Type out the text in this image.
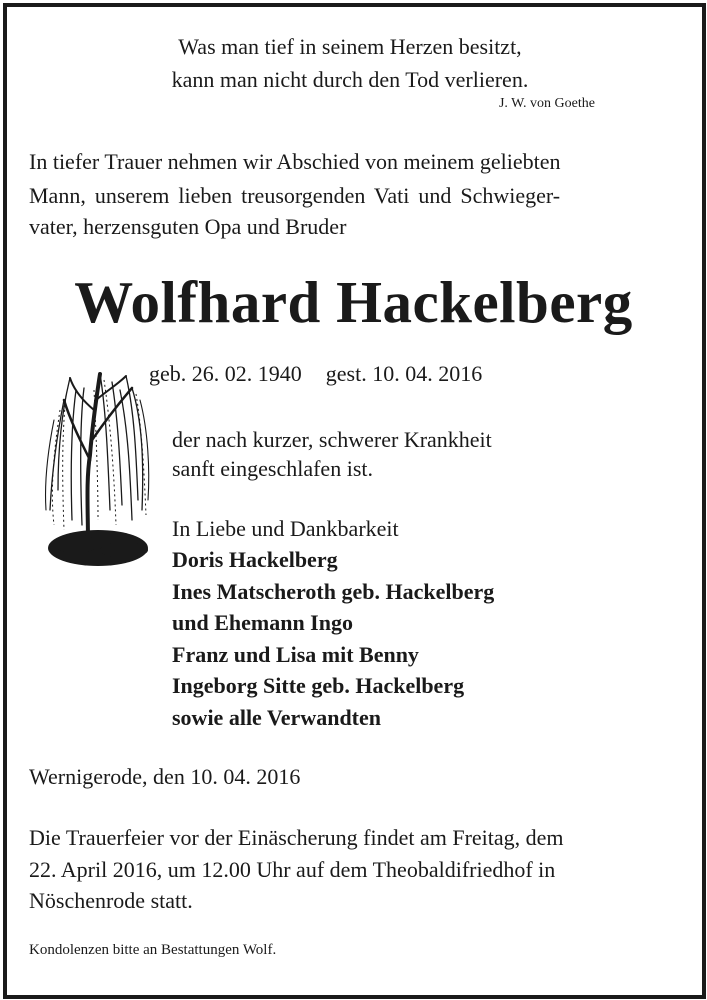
Was man tief in seinem Herzen besitzt,
kann man nicht durch den Tod verlieren.
J. W. von Goethe
In tiefer Trauer nehmen wir Abschied von meinem geliebten
Mann, unserem lieben treusorgenden Vati und Schwieger-
vater, herzensguten Opa und Bruder
Wolfhard Hackelberg
geb. 26. 02. 1940 gest. 10. 04. 2016
der nach kurzer, schwerer Krankheit
sanft eingeschlafen ist.
In Liebe und Dankbarkeit
Doris Hackelberg
Ines Matscheroth geb. Hackelberg
und Ehemann Ingo
Franz und Lisa mit Benny
Ingeborg Sitte geb. Hackelberg
sowie alle Verwandten
Wernigerode, den 10. 04. 2016
Die Trauerfeier vor der Einäscherung findet am Freitag, dem
22. April 2016, um 12.00 Uhr auf dem Theobaldifriedhof in
Nöschenrode statt.
Kondolenzen bitte an Bestattungen Wolf.
